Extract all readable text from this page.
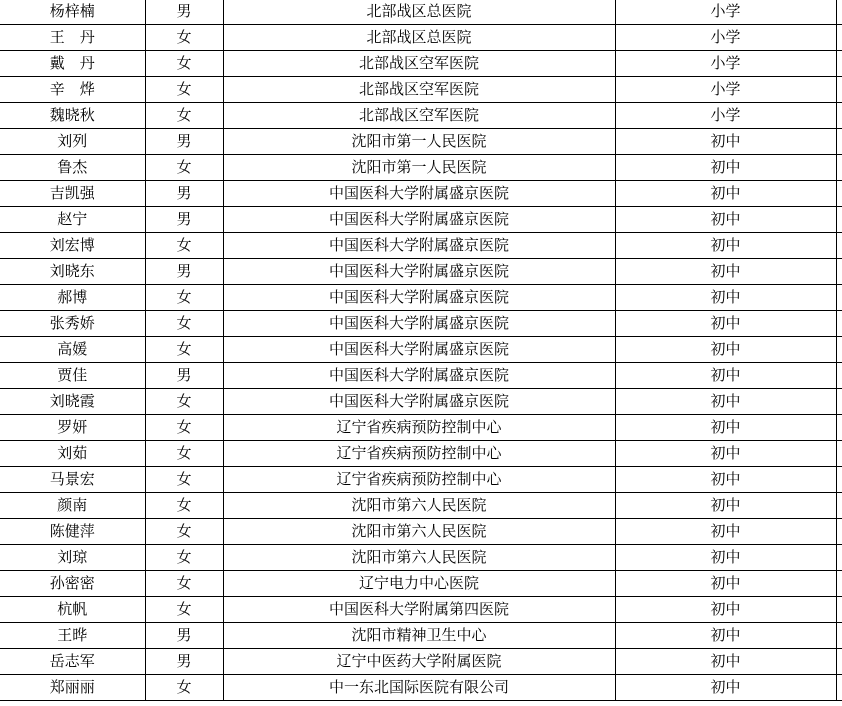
杨梓楠	男	北部战区总医院	小学	
王　丹	女	北部战区总医院	小学	
戴　丹	女	北部战区空军医院	小学	
辛　烨	女	北部战区空军医院	小学	
魏晓秋	女	北部战区空军医院	小学	
刘列	男	沈阳市第一人民医院	初中	
鲁杰	女	沈阳市第一人民医院	初中	
吉凯强	男	中国医科大学附属盛京医院	初中	
赵宁	男	中国医科大学附属盛京医院	初中	
刘宏博	女	中国医科大学附属盛京医院	初中	
刘晓东	男	中国医科大学附属盛京医院	初中	
郝博	女	中国医科大学附属盛京医院	初中	
张秀娇	女	中国医科大学附属盛京医院	初中	
高媛	女	中国医科大学附属盛京医院	初中	
贾佳	男	中国医科大学附属盛京医院	初中	
刘晓霞	女	中国医科大学附属盛京医院	初中	
罗妍	女	辽宁省疾病预防控制中心	初中	
刘茹	女	辽宁省疾病预防控制中心	初中	
马景宏	女	辽宁省疾病预防控制中心	初中	
颜南	女	沈阳市第六人民医院	初中	
陈健萍	女	沈阳市第六人民医院	初中	
刘琼	女	沈阳市第六人民医院	初中	
孙密密	女	辽宁电力中心医院	初中	
杭帆	女	中国医科大学附属第四医院	初中	
王晔	男	沈阳市精神卫生中心	初中	
岳志军	男	辽宁中医药大学附属医院	初中	
郑丽丽	女	中一东北国际医院有限公司	初中	
